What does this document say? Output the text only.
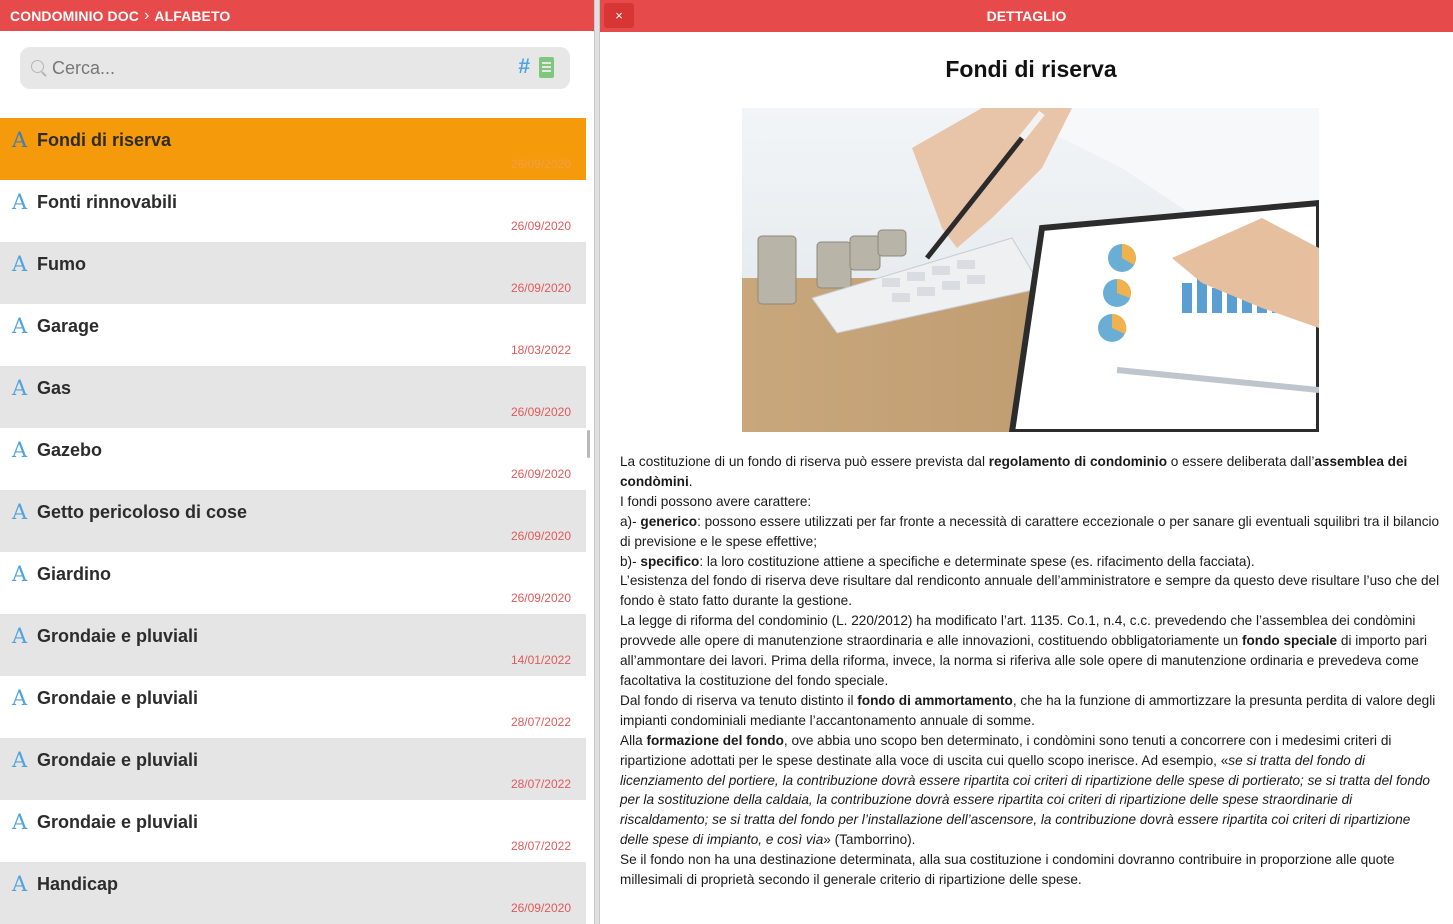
CONDOMINIO DOC › ALFABETO
Cerca...
#
A Fondi di riserva
26/09/2020
A Fonti rinnovabili
26/09/2020
A Fumo
26/09/2020
A Garage
18/03/2022
A Gas
26/09/2020
A Gazebo
26/09/2020
A Getto pericoloso di cose
26/09/2020
A Giardino
26/09/2020
A Grondaie e pluviali
14/01/2022
A Grondaie e pluviali
28/07/2022
A Grondaie e pluviali
28/07/2022
A Grondaie e pluviali
28/07/2022
A Handicap
26/09/2020
×	DETTAGLIO
Fondi di riserva

La costituzione di un fondo di riserva può essere prevista dal regolamento di condominio o essere deliberata dall’assemblea dei condòmini.

I fondi possono avere carattere:

a)- generico: possono essere utilizzati per far fronte a necessità di carattere eccezionale o per sanare gli eventuali squilibri tra il bilancio di previsione e le spese effettive;

b)- specifico: la loro costituzione attiene a specifiche e determinate spese (es. rifacimento della facciata).

L’esistenza del fondo di riserva deve risultare dal rendiconto annuale dell’amministratore e sempre da questo deve risultare l’uso che del fondo è stato fatto durante la gestione.

La legge di riforma del condominio (L. 220/2012) ha modificato l’art. 1135. Co.1, n.4, c.c. prevedendo che l’assemblea dei condòmini provvede alle opere di manutenzione straordinaria e alle innovazioni, costituendo obbligatoriamente un fondo speciale di importo pari all’ammontare dei lavori. Prima della riforma, invece, la norma si riferiva alle sole opere di manutenzione ordinaria e prevedeva come facoltativa la costituzione del fondo speciale.

Dal fondo di riserva va tenuto distinto il fondo di ammortamento, che ha la funzione di ammortizzare la presunta perdita di valore degli impianti condominiali mediante l’accantonamento annuale di somme.

Alla formazione del fondo, ove abbia uno scopo ben determinato, i condòmini sono tenuti a concorrere con i medesimi criteri di ripartizione adottati per le spese destinate alla voce di uscita cui quello scopo inerisce. Ad esempio, «se si tratta del fondo di licenziamento del portiere, la contribuzione dovrà essere ripartita coi criteri di ripartizione delle spese di portierato; se si tratta del fondo per la sostituzione della caldaia, la contribuzione dovrà essere ripartita coi criteri di ripartizione delle spese straordinarie di riscaldamento; se si tratta del fondo per l’installazione dell’ascensore, la contribuzione dovrà essere ripartita coi criteri di ripartizione delle spese di impianto, e così via» (Tamborrino).

Se il fondo non ha una destinazione determinata, alla sua costituzione i condomini dovranno contribuire in proporzione alle quote millesimali di proprietà secondo il generale criterio di ripartizione delle spese.
